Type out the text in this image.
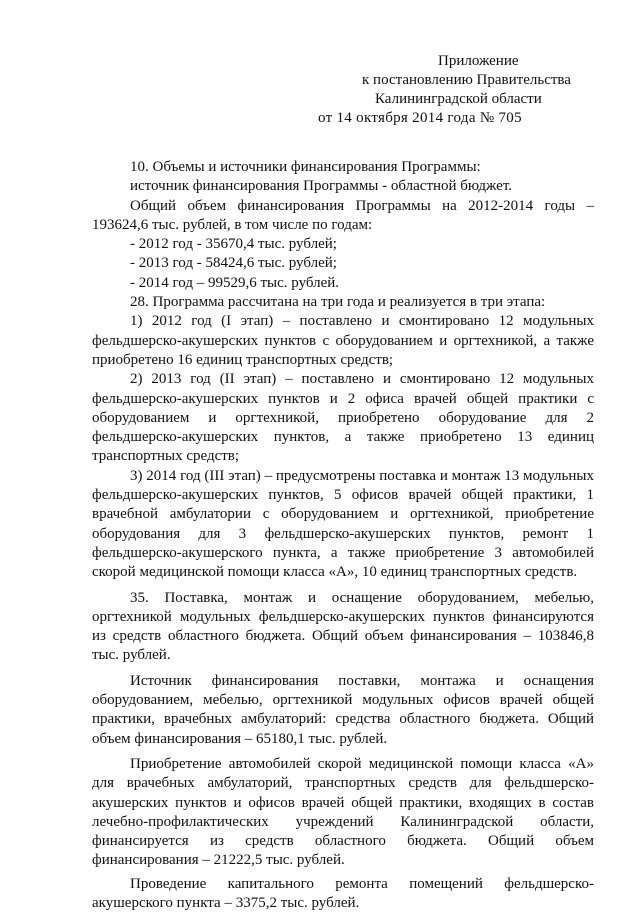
Приложение
к постановлению Правительства
Калининградской области
от 14 октября 2014 года № 705

10. Объемы и источники финансирования Программы:

источник финансирования Программы - областной бюджет.

Общий объем финансирования Программы на 2012-2014 годы – 193624,6 тыс. рублей, в том числе по годам:

- 2012 год - 35670,4 тыс. рублей;

- 2013 год - 58424,6 тыс. рублей;

- 2014 год – 99529,6 тыс. рублей.

28. Программа рассчитана на три года и реализуется в три этапа:

1) 2012 год (I этап) – поставлено и смонтировано 12 модульных фельдшерско-акушерских пунктов с оборудованием и оргтехникой, а также приобретено 16 единиц транспортных средств;

2) 2013 год (II этап) – поставлено и смонтировано 12 модульных фельдшерско-акушерских пунктов и 2 офиса врачей общей практики с оборудованием и оргтехникой, приобретено оборудование для 2 фельдшерско-акушерских пунктов, а также приобретено 13 единиц транспортных средств;

3) 2014 год (III этап) – предусмотрены поставка и монтаж 13 модульных фельдшерско-акушерских пунктов, 5 офисов врачей общей практики, 1 врачебной амбулатории с оборудованием и оргтехникой, приобретение оборудования для 3 фельдшерско-акушерских пунктов, ремонт 1 фельдшерско-акушерского пункта, а также приобретение 3 автомобилей скорой медицинской помощи класса «А», 10 единиц транспортных средств.

35. Поставка, монтаж и оснащение оборудованием, мебелью, оргтехникой модульных фельдшерско-акушерских пунктов финансируются из средств областного бюджета. Общий объем финансирования – 103846,8 тыс. рублей.

Источник финансирования поставки, монтажа и оснащения оборудованием, мебелью, оргтехникой модульных офисов врачей общей практики, врачебных амбулаторий: средства областного бюджета. Общий объем финансирования – 65180,1 тыс. рублей.

Приобретение автомобилей скорой медицинской помощи класса «А» для врачебных амбулаторий, транспортных средств для фельдшерско-акушерских пунктов и офисов врачей общей практики, входящих в состав лечебно-профилактических учреждений Калининградской области, финансируется из средств областного бюджета. Общий объем финансирования – 21222,5 тыс. рублей.

Проведение капитального ремонта помещений фельдшерско-акушерского пункта – 3375,2 тыс. рублей.
